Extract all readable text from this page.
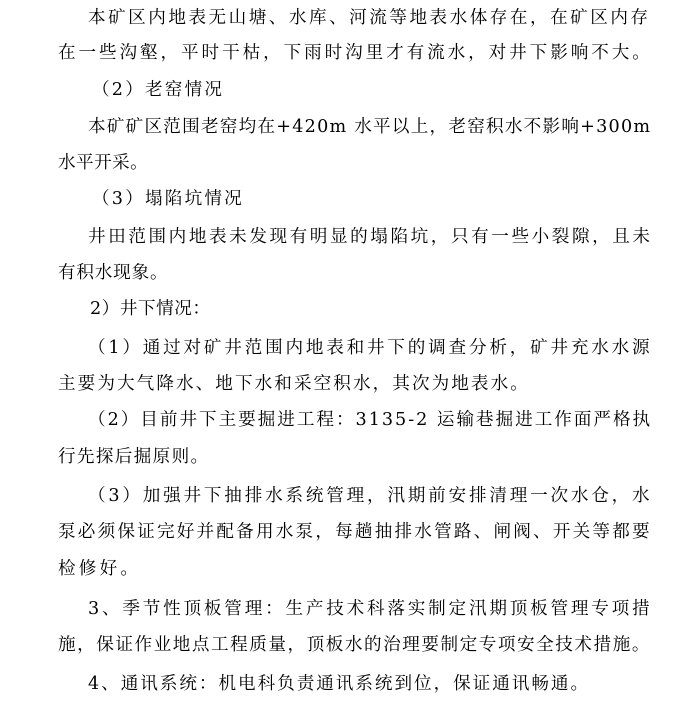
本矿区内地表无山塘、水库、河流等地表水体存在，在矿区内存
在一些沟壑，平时干枯，下雨时沟里才有流水，对井下影响不大。
（2）老窑情况
本矿矿区范围老窑均在+420m 水平以上，老窑积水不影响+300m
水平开采。
（3）塌陷坑情况
井田范围内地表未发现有明显的塌陷坑，只有一些小裂隙，且未
有积水现象。
2）井下情况：
（1）通过对矿井范围内地表和井下的调查分析，矿井充水水源
主要为大气降水、地下水和采空积水，其次为地表水。
（2）目前井下主要掘进工程：3135-2 运输巷掘进工作面严格执
行先探后掘原则。
（3）加强井下抽排水系统管理，汛期前安排清理一次水仓，水
泵必须保证完好并配备用水泵，每趟抽排水管路、闸阀、开关等都要
检修好。
3、季节性顶板管理：生产技术科落实制定汛期顶板管理专项措
施，保证作业地点工程质量，顶板水的治理要制定专项安全技术措施。
4、通讯系统：机电科负责通讯系统到位，保证通讯畅通。
